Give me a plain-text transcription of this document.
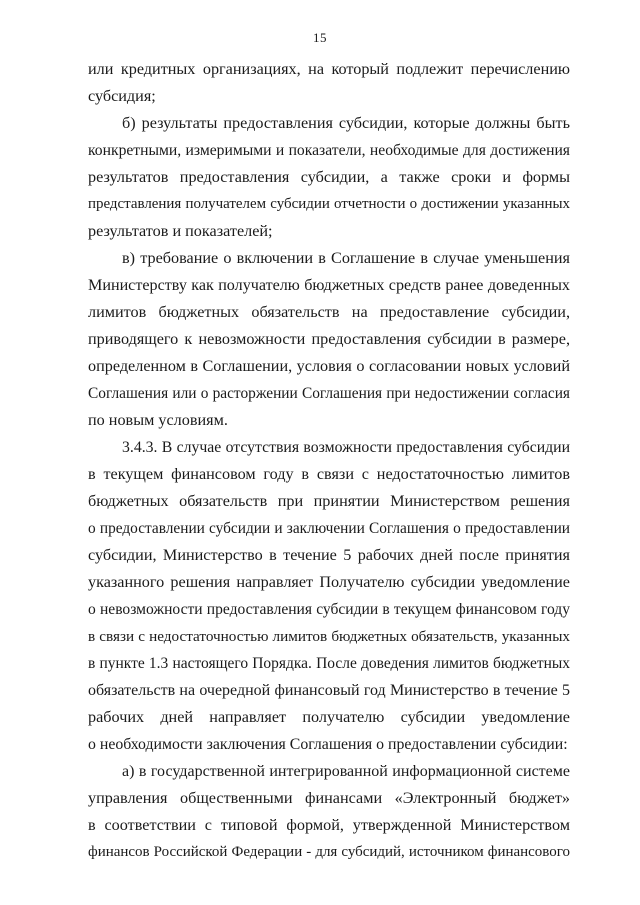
15
или кредитных организациях, на который подлежит перечислению
субсидия;
б) результаты предоставления субсидии, которые должны быть
конкретными, измеримыми и показатели, необходимые для достижения
результатов предоставления субсидии, а также сроки и формы
представления получателем субсидии отчетности о достижении указанных
результатов и показателей;
в) требование о включении в Соглашение в случае уменьшения
Министерству как получателю бюджетных средств ранее доведенных
лимитов бюджетных обязательств на предоставление субсидии,
приводящего к невозможности предоставления субсидии в размере,
определенном в Соглашении, условия о согласовании новых условий
Соглашения или о расторжении Соглашения при недостижении согласия
по новым условиям.
3.4.3. В случае отсутствия возможности предоставления субсидии
в текущем финансовом году в связи с недостаточностью лимитов
бюджетных обязательств при принятии Министерством решения
о предоставлении субсидии и заключении Соглашения о предоставлении
субсидии, Министерство в течение 5 рабочих дней после принятия
указанного решения направляет Получателю субсидии уведомление
о невозможности предоставления субсидии в текущем финансовом году
в связи с недостаточностью лимитов бюджетных обязательств, указанных
в пункте 1.3 настоящего Порядка. После доведения лимитов бюджетных
обязательств на очередной финансовый год Министерство в течение 5
рабочих дней направляет получателю субсидии уведомление
о необходимости заключения Соглашения о предоставлении субсидии:
а) в государственной интегрированной информационной системе
управления общественными финансами «Электронный бюджет»
в соответствии с типовой формой, утвержденной Министерством
финансов Российской Федерации - для субсидий, источником финансового
